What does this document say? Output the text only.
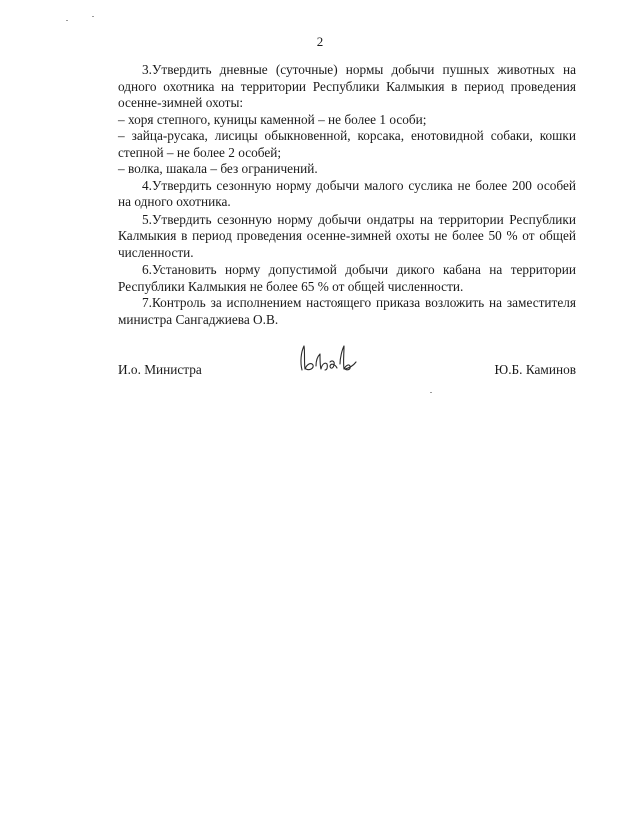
2

3.Утвердить дневные (суточные) нормы добычи пушных животных на одного охотника на территории Республики Калмыкия в период проведения осенне-зимней охоты:

– хоря степного, куницы каменной – не более 1 особи;

– зайца-русака, лисицы обыкновенной, корсака, енотовидной собаки, кошки степной – не более 2 особей;

– волка, шакала – без ограничений.

4.Утвердить сезонную норму добычи малого суслика не более 200 особей на одного охотника.

5.Утвердить сезонную норму добычи ондатры на территории Республики Калмыкия в период проведения осенне-зимней охоты не более 50 % от общей численности.

6.Установить норму допустимой добычи дикого кабана на территории Республики Калмыкия не более 65 % от общей численности.

7.Контроль за исполнением настоящего приказа возложить на заместителя министра Сангаджиева О.В.

И.о. Министра	Ю.Б. Каминов
